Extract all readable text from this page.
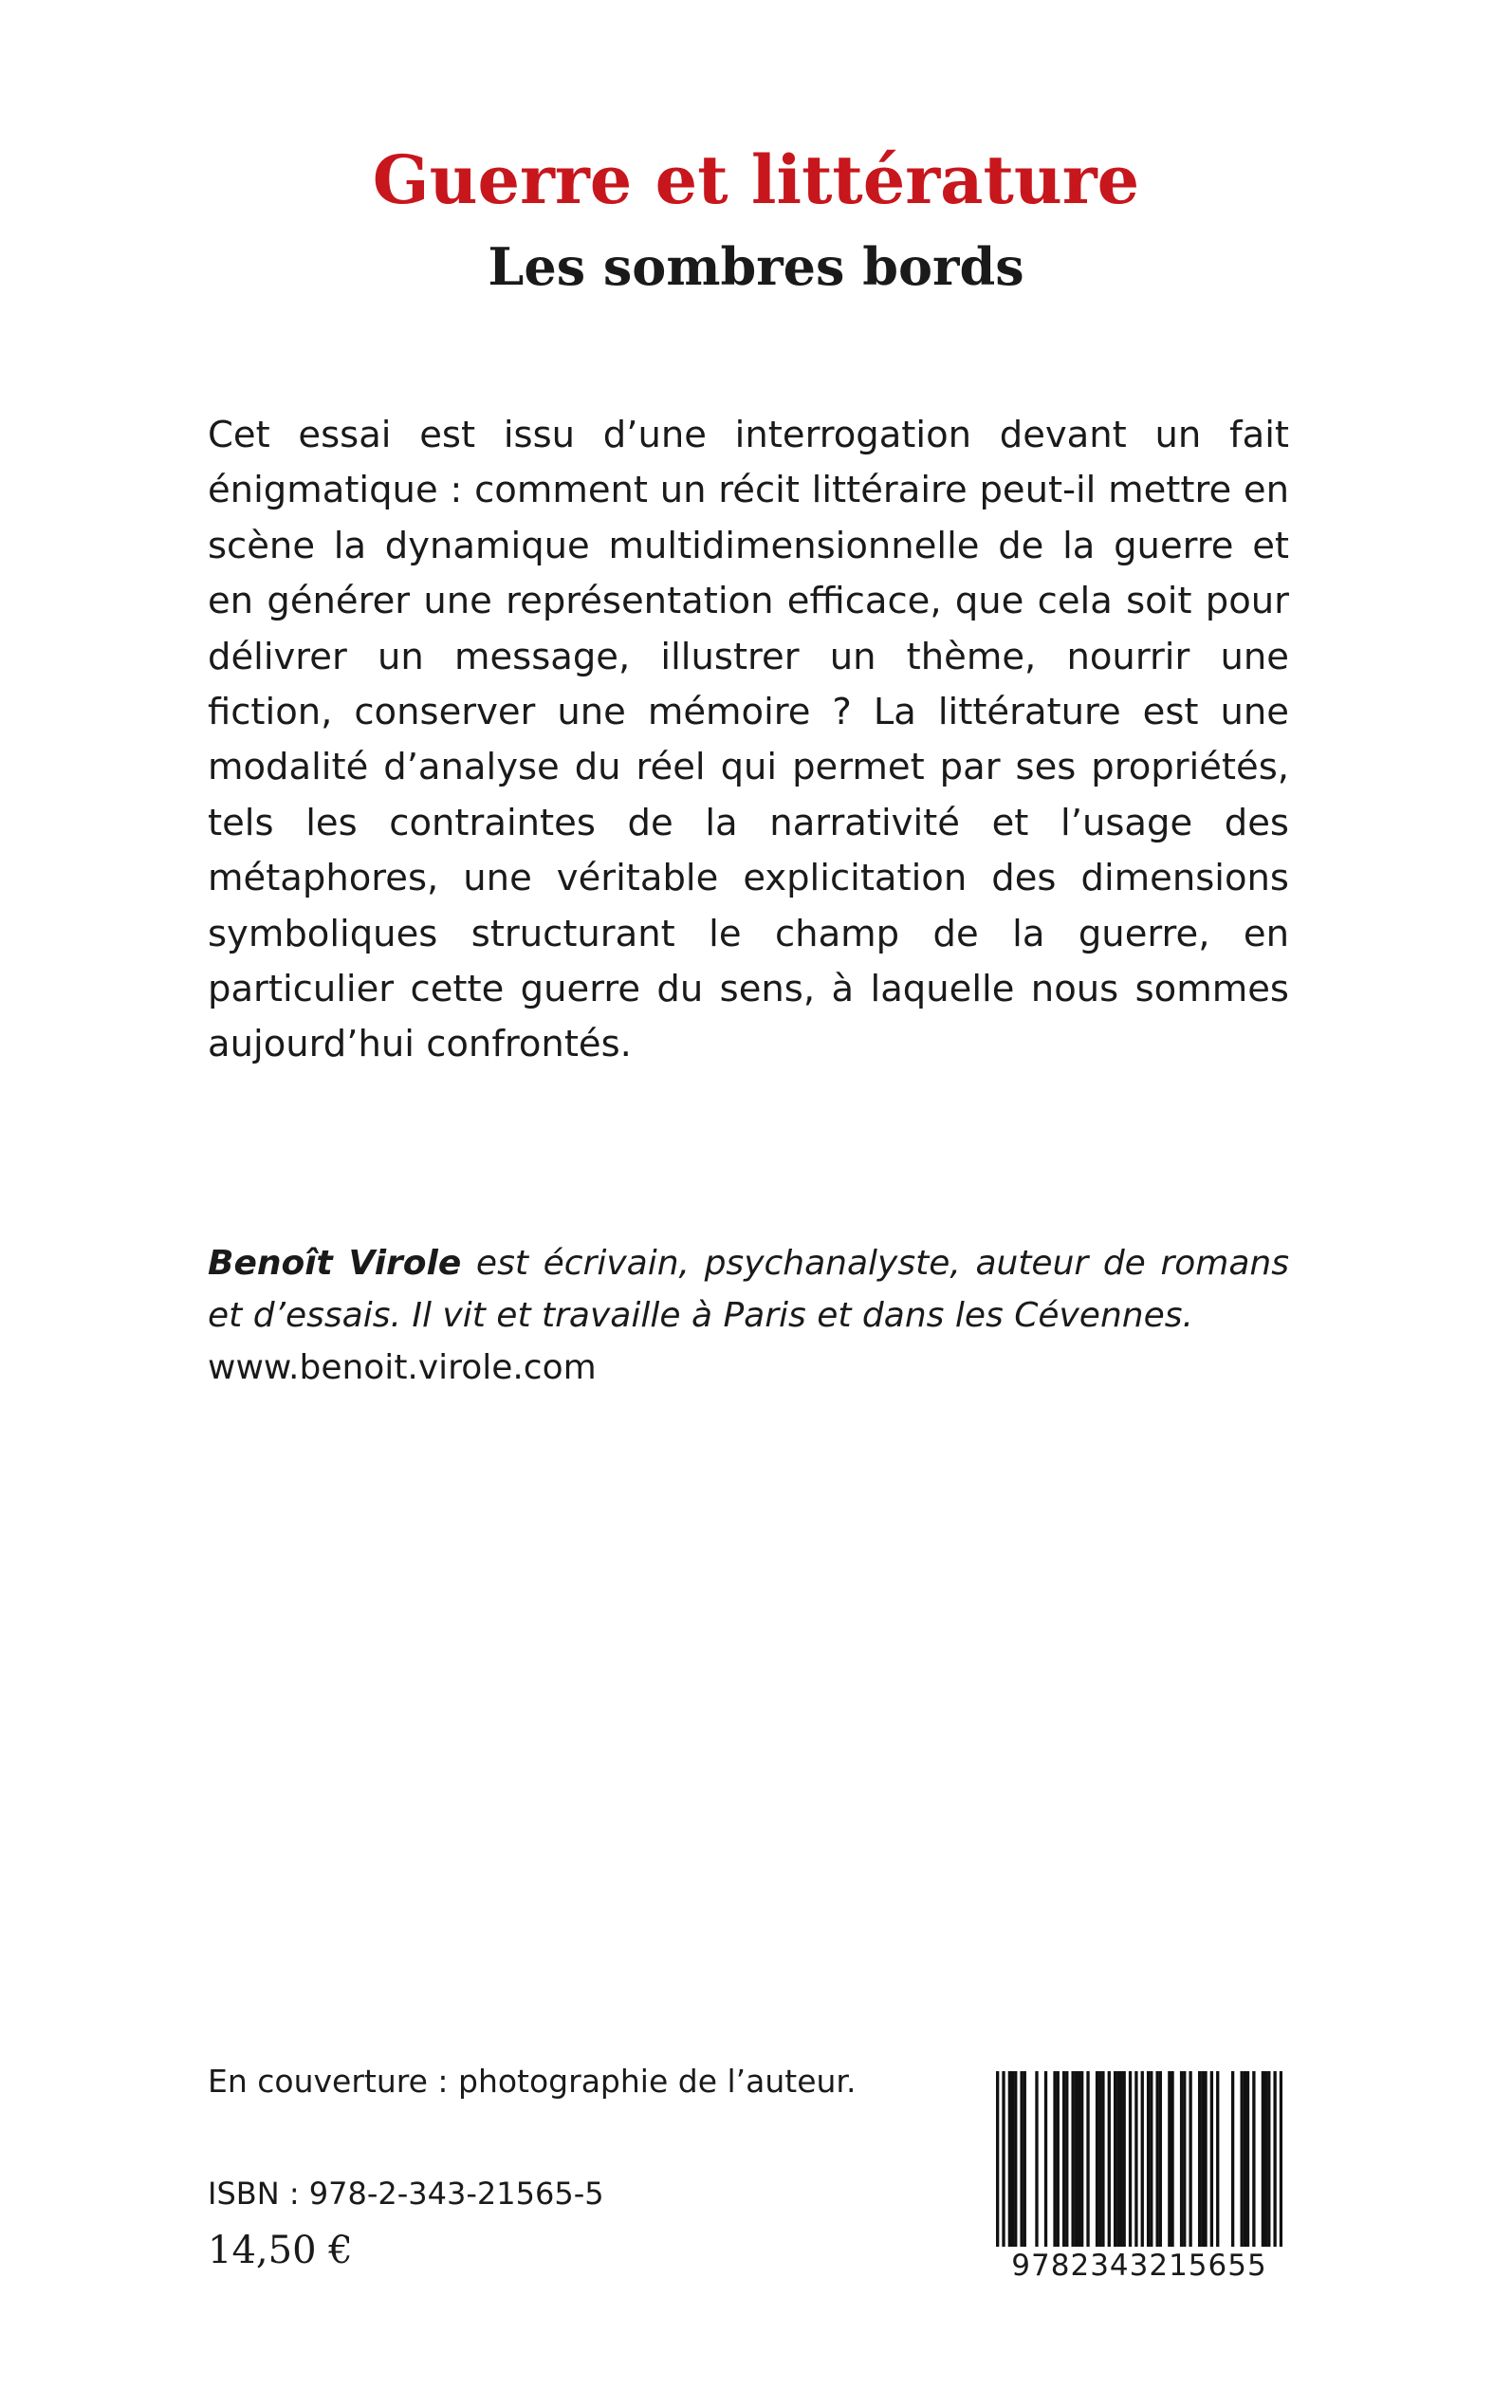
Guerre et littérature
Les sombres bords

Cet essai est issu d’une interrogation devant un fait énigmatique : comment un récit littéraire peut-il mettre en scène la dynamique multidimensionnelle de la guerre et en générer une représentation efficace, que cela soit pour délivrer un message, illustrer un thème, nourrir une fiction, conserver une mémoire ? La littérature est une modalité d’analyse du réel qui permet par ses propriétés, tels les contraintes de la narrativité et l’usage des métaphores, une véritable explicitation des dimensions symboliques structurant le champ de la guerre, en particulier cette guerre du sens, à laquelle nous sommes aujourd’hui confrontés.

Benoît Virole est écrivain, psychanalyste, auteur de romans et d’essais. Il vit et travaille à Paris et dans les Cévennes.

www.benoit.virole.com
En couverture : photographie de l’auteur.
ISBN : 978-2-343-21565-5
14,50 €	9782343215655
